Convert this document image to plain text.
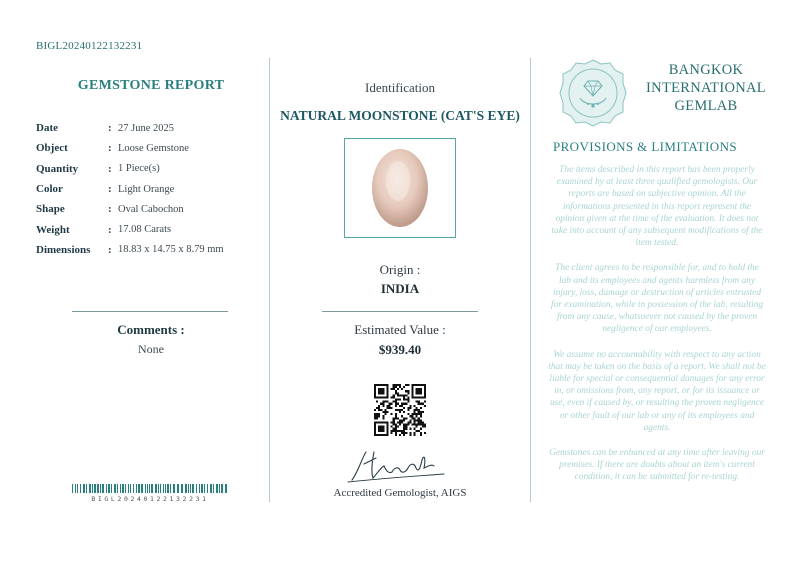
BIGL20240122132231
GEMSTONE REPORT
Date	: 27 June 2025
Object	: Loose Gemstone
Quantity	: 1 Piece(s)
Color	: Light Orange
Shape	: Oval Cabochon
Weight	: 17.08 Carats
Dimensions	: 18.83 x 14.75 x 8.79 mm
Comments :
None
BIGL20240122132231
Identification
NATURAL MOONSTONE (CAT'S EYE)
Origin :
INDIA
Estimated Value :
$939.40
Accredited Gemologist, AIGS
BANGKOK
INTERNATIONAL
GEMLAB
PROVISIONS & LIMITATIONS

The items described in this report has been properly examined by at least three qualified gemologists. Our reports are based on subjective opinion. All the informations presented in this report represent the opinion given at the time of the evaluation. It does not take into account of any subsequent modifications of the item tested.

The client agrees to be responsible for, and to hold the lab and its employees and agents harmless from any injury, loss, damage or destruction of articles entrusted for examination, while in possession of the lab, resulting from any cause, whatsoever not caused by the proven negligence of our employees.

We assume no accountability with respect to any action that may be taken on the basis of a report. We shall not be liable for special or consequential damages for any error in, or omissions from, any report, or for its issuance or use, even if caused by, or resulting the proven negligence or other fault of our lab or any of its employees and agents.

Gemstones can be enhanced at any time after leaving our premises. If there are doubts about an item's current condition, it can be submitted for re-testing.
